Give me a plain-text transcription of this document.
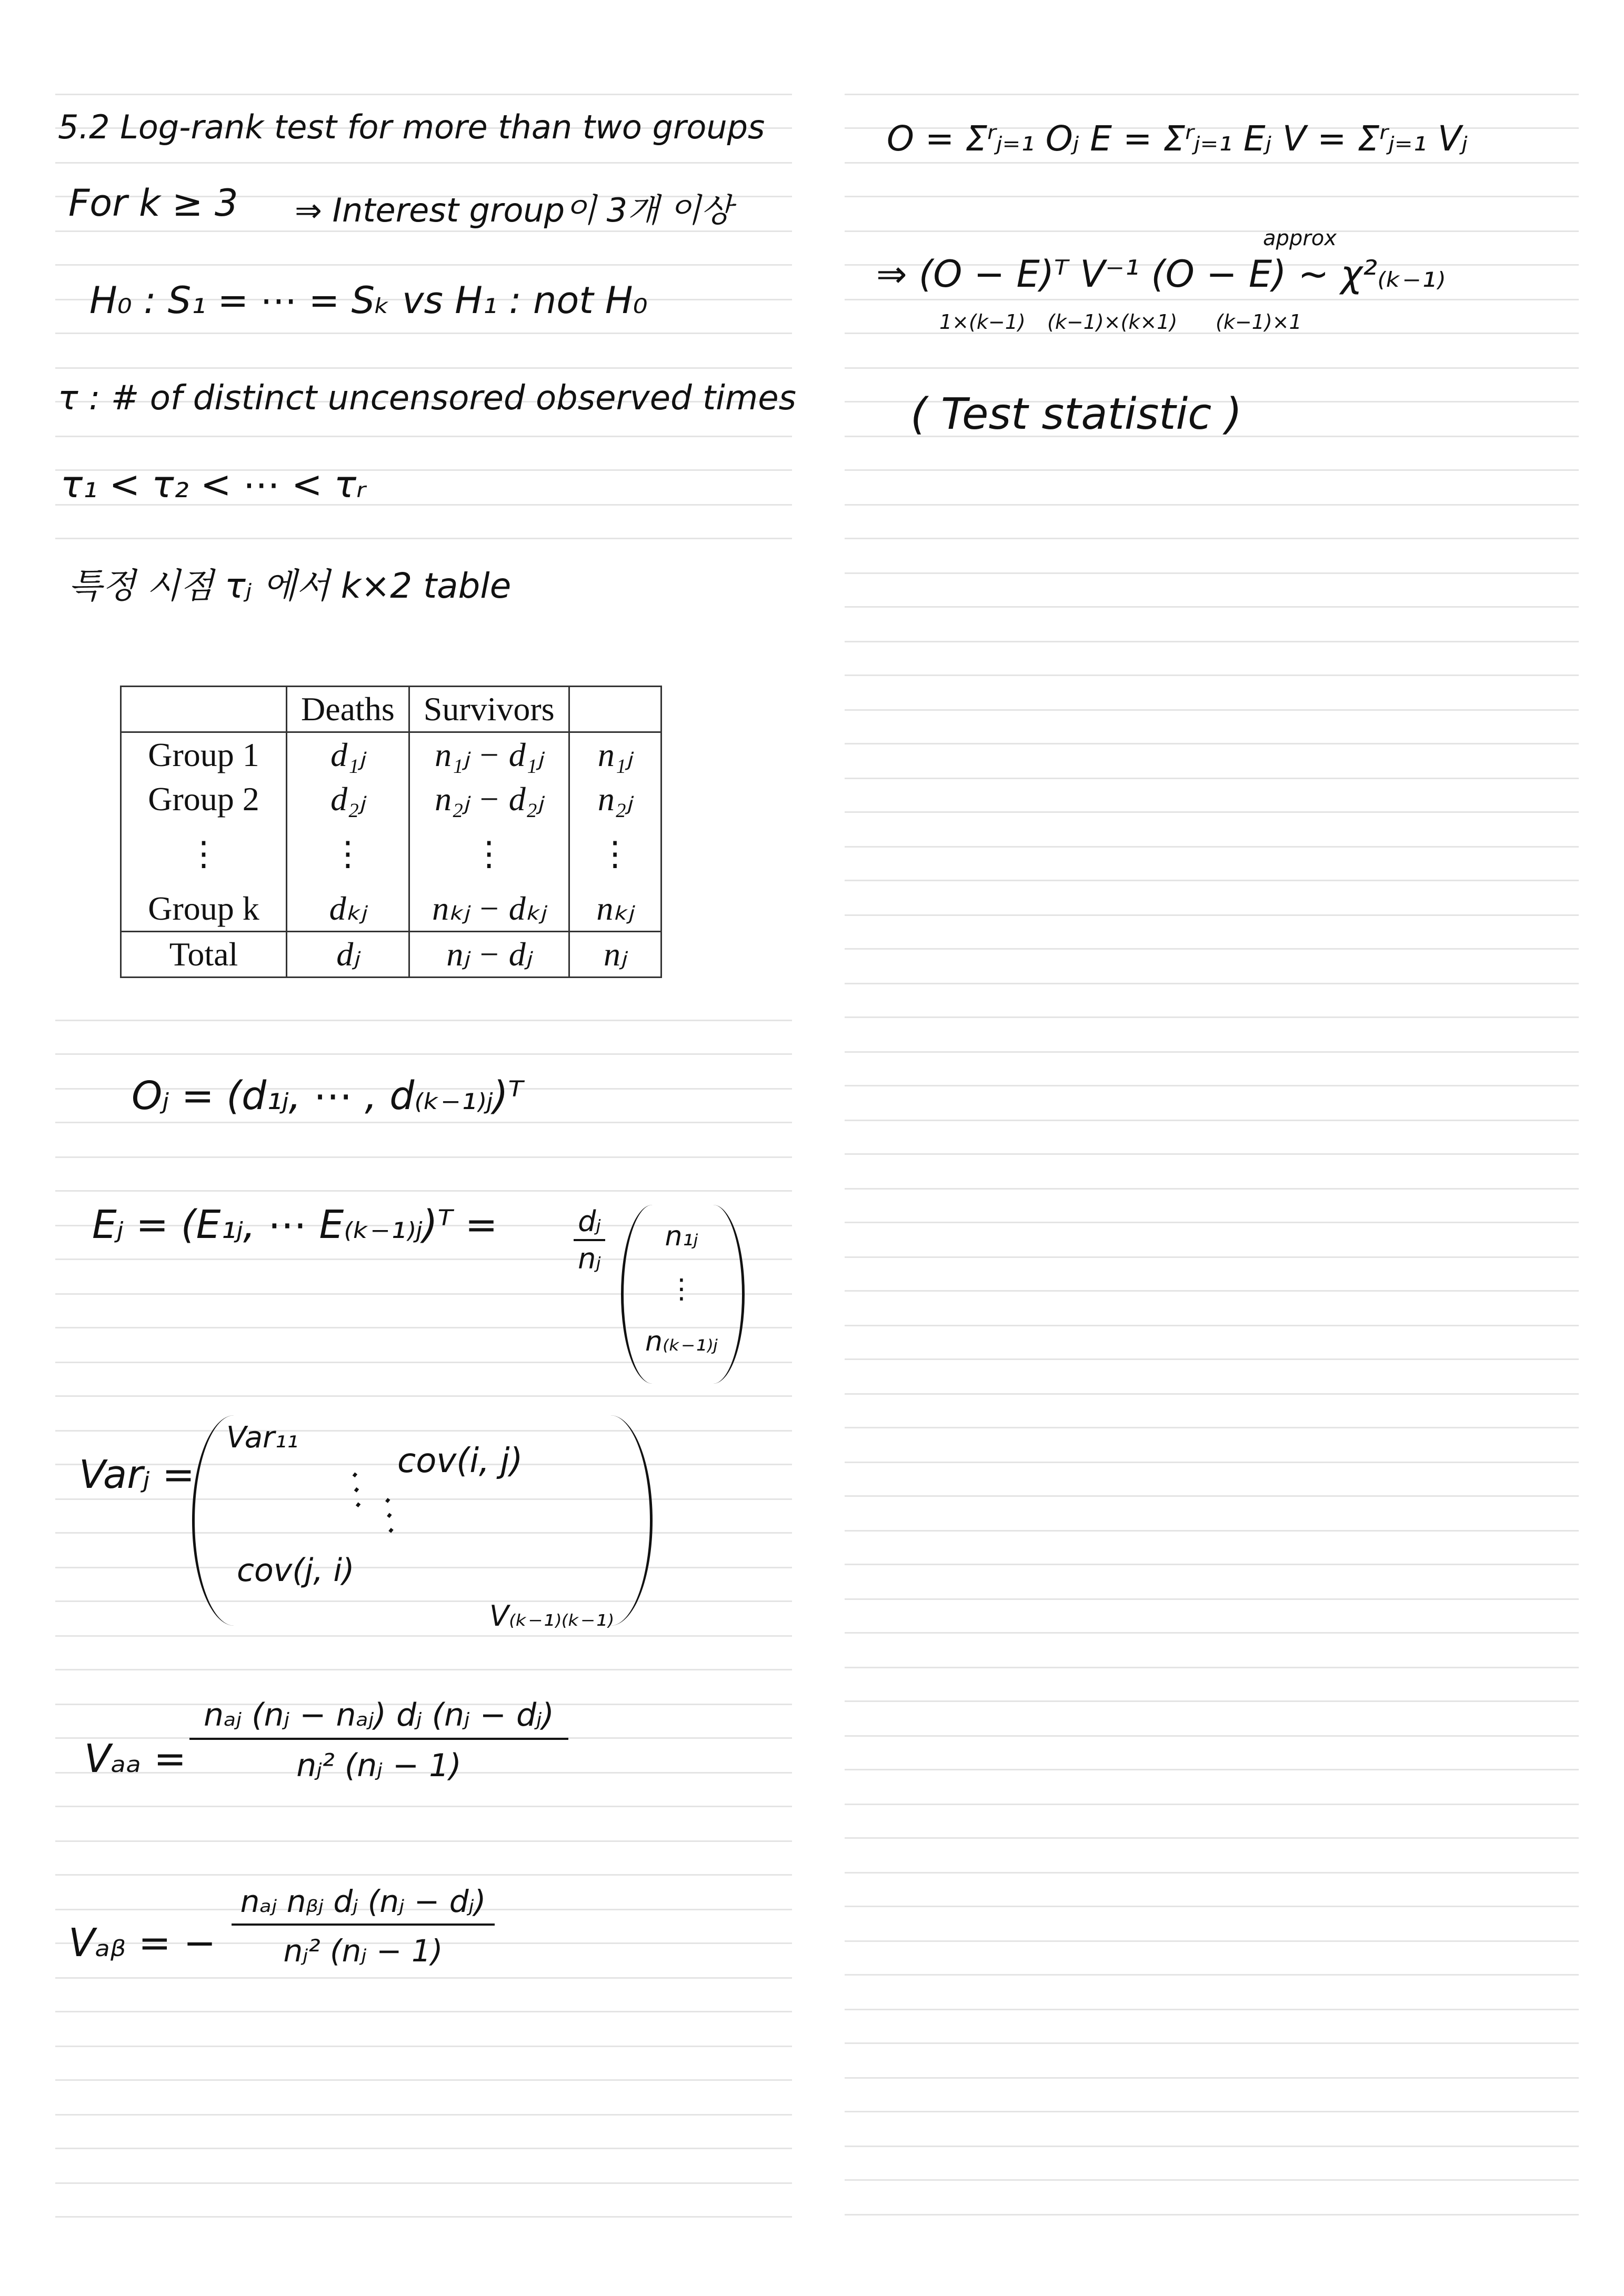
5.2 Log-rank test for more than two groups
For k ≥ 3 ⇒ Interest group이 3개 이상
H₀ : S₁ = ⋯ = Sₖ vs H₁ : not H₀
τ : # of distinct uncensored observed times
τ₁ < τ₂ < ⋯ < τᵣ
특정 시점 τⱼ 에서 k×2 table
	Deaths	Survivors	
Group 1	d₁ⱼ	n₁ⱼ − d₁ⱼ	n₁ⱼ
Group 2	d₂ⱼ	n₂ⱼ − d₂ⱼ	n₂ⱼ
⋮	⋮	⋮	⋮
Group k	dₖⱼ	nₖⱼ − dₖⱼ	nₖⱼ
Total	dⱼ	nⱼ − dⱼ	nⱼ
Oⱼ = (d₁ⱼ, ⋯ , d₍ₖ₋₁₎ⱼ)ᵀ
Eⱼ = (E₁ⱼ, ⋯ E₍ₖ₋₁₎ⱼ)ᵀ =	dⱼ
nⱼ
n₁ⱼ
⋮
n₍ₖ₋₁₎ⱼ
Varⱼ =
Var₁₁
cov(i, j)
⋱ ⋱
cov(j, i)
V₍ₖ₋₁₎₍ₖ₋₁₎
Vₐₐ =
nₐⱼ (nⱼ − nₐⱼ) dⱼ (nⱼ − dⱼ)
nⱼ² (nⱼ − 1)
Vₐᵦ = −
nₐⱼ nᵦⱼ dⱼ (nⱼ − dⱼ)
nⱼ² (nⱼ − 1)
O = Σʳⱼ₌₁ Oⱼ E = Σʳⱼ₌₁ Eⱼ V = Σʳⱼ₌₁ Vⱼ
approx
⇒ (O − E)ᵀ V⁻¹ (O − E) ~ χ²₍ₖ₋₁₎
1×(k−1) (k−1)×(k×1) (k−1)×1
( Test statistic )
